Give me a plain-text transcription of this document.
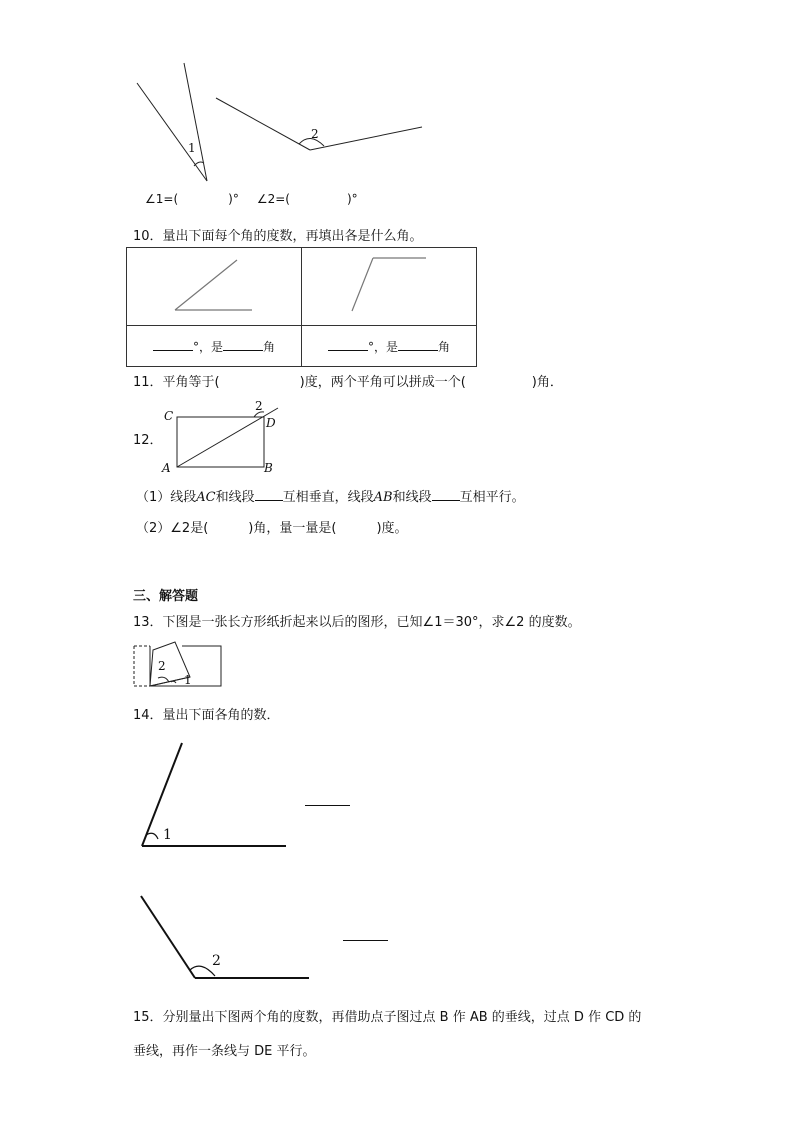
1
2
∠1=(	)° ∠2=(	)°
10．量出下面每个角的度数，再填出各是什么角。

°，是 角	°，是 角
11．平角等于(	)度，两个平角可以拼成一个(	)角．
12．
C	D
A	B
2
（1）线段AC和线段 互相垂直，线段AB和线段 互相平行。
（2）∠2是(	)角，量一量是(	)度。
三、解答题
13．下图是一张长方形纸折起来以后的图形，已知∠1＝30°，求∠2 的度数。
2
1
14．量出下面各角的数．
1
2
15．分别量出下图两个角的度数，再借助点子图过点 B 作 AB 的垂线，过点 D 作 CD 的
垂线，再作一条线与 DE 平行。
